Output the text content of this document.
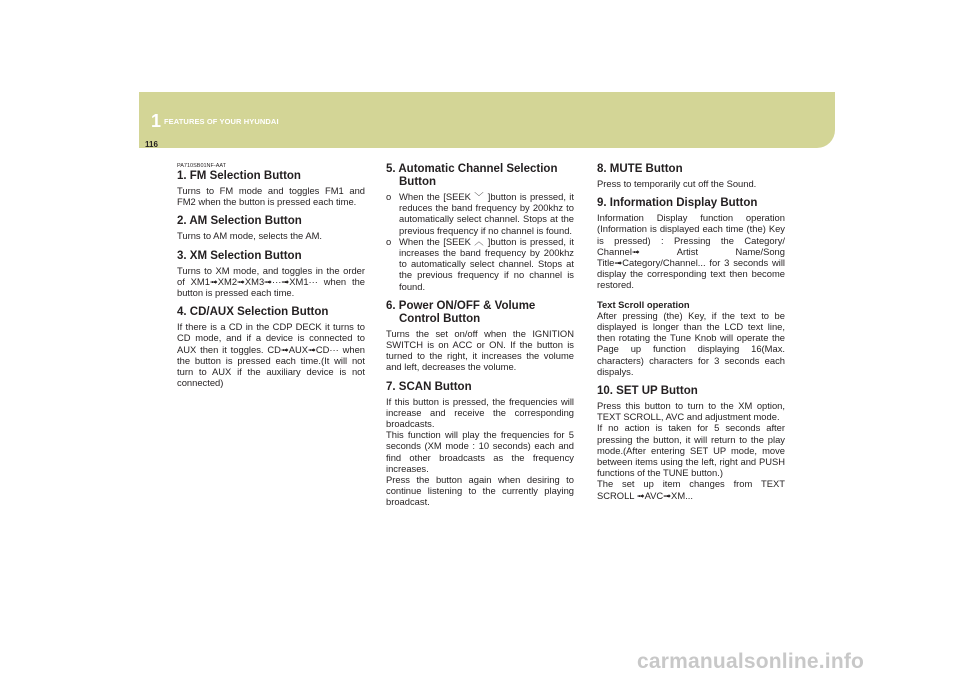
1 FEATURES OF YOUR HYUNDAI
116

PA710SB01NF-AAT

1. FM Selection Button

Turns to FM mode and toggles FM1 and FM2 when the button is pressed each time.

2. AM Selection Button

Turns to AM mode, selects the AM.

3. XM Selection Button

Turns to XM mode, and toggles in the order of XM1➟XM2➟XM3➟···➟XM1··· when the button is pressed each time.

4. CD/AUX Selection Button

If there is a CD in the CDP DECK it turns to CD mode, and if a device is connected to AUX then it toggles. CD➟AUX➟CD··· when the button is pressed each time.(It will not turn to AUX if the auxiliary device is not connected)

5. Automatic Channel Selection Button
o When the [SEEK ﹀ ]button is pressed, it reduces the band frequency by 200khz to automatically select channel. Stops at the previous frequency if no channel is found.
o When the [SEEK ︿ ]button is pressed, it increases the band frequency by 200khz to automatically select channel. Stops at the previous frequency if no channel is found.
6. Power ON/OFF & Volume Control Button

Turns the set on/off when the IGNITION SWITCH is on ACC or ON. If the button is turned to the right, it increases the volume and left, decreases the volume.

7. SCAN Button

If this button is pressed, the frequencies will increase and receive the corresponding broadcasts.

This function will play the frequencies for 5 seconds (XM mode : 10 seconds) each and find other broadcasts as the frequency increases.

Press the button again when desiring to continue listening to the currently playing broadcast.

8. MUTE Button

Press to temporarily cut off the Sound.

9. Information Display Button

Information Display function operation (Information is displayed each time (the) Key is pressed) : Pressing the Category/ Channel➟ Artist Name/Song Title➟Category/Channel... for 3 seconds will display the corresponding text then become restored.

Text Scroll operation

After pressing (the) Key, if the text to be displayed is longer than the LCD text line, then rotating the Tune Knob will operate the Page up function displaying 16(Max. characters) characters for 3 seconds each dispalys.

10. SET UP Button

Press this button to turn to the XM option, TEXT SCROLL, AVC and adjustment mode.

If no action is taken for 5 seconds after pressing the button, it will return to the play mode.(After entering SET UP mode, move between items using the left, right and PUSH functions of the TUNE button.)

The set up item changes from TEXT SCROLL ➟AVC➟XM...

carmanualsonline.info
